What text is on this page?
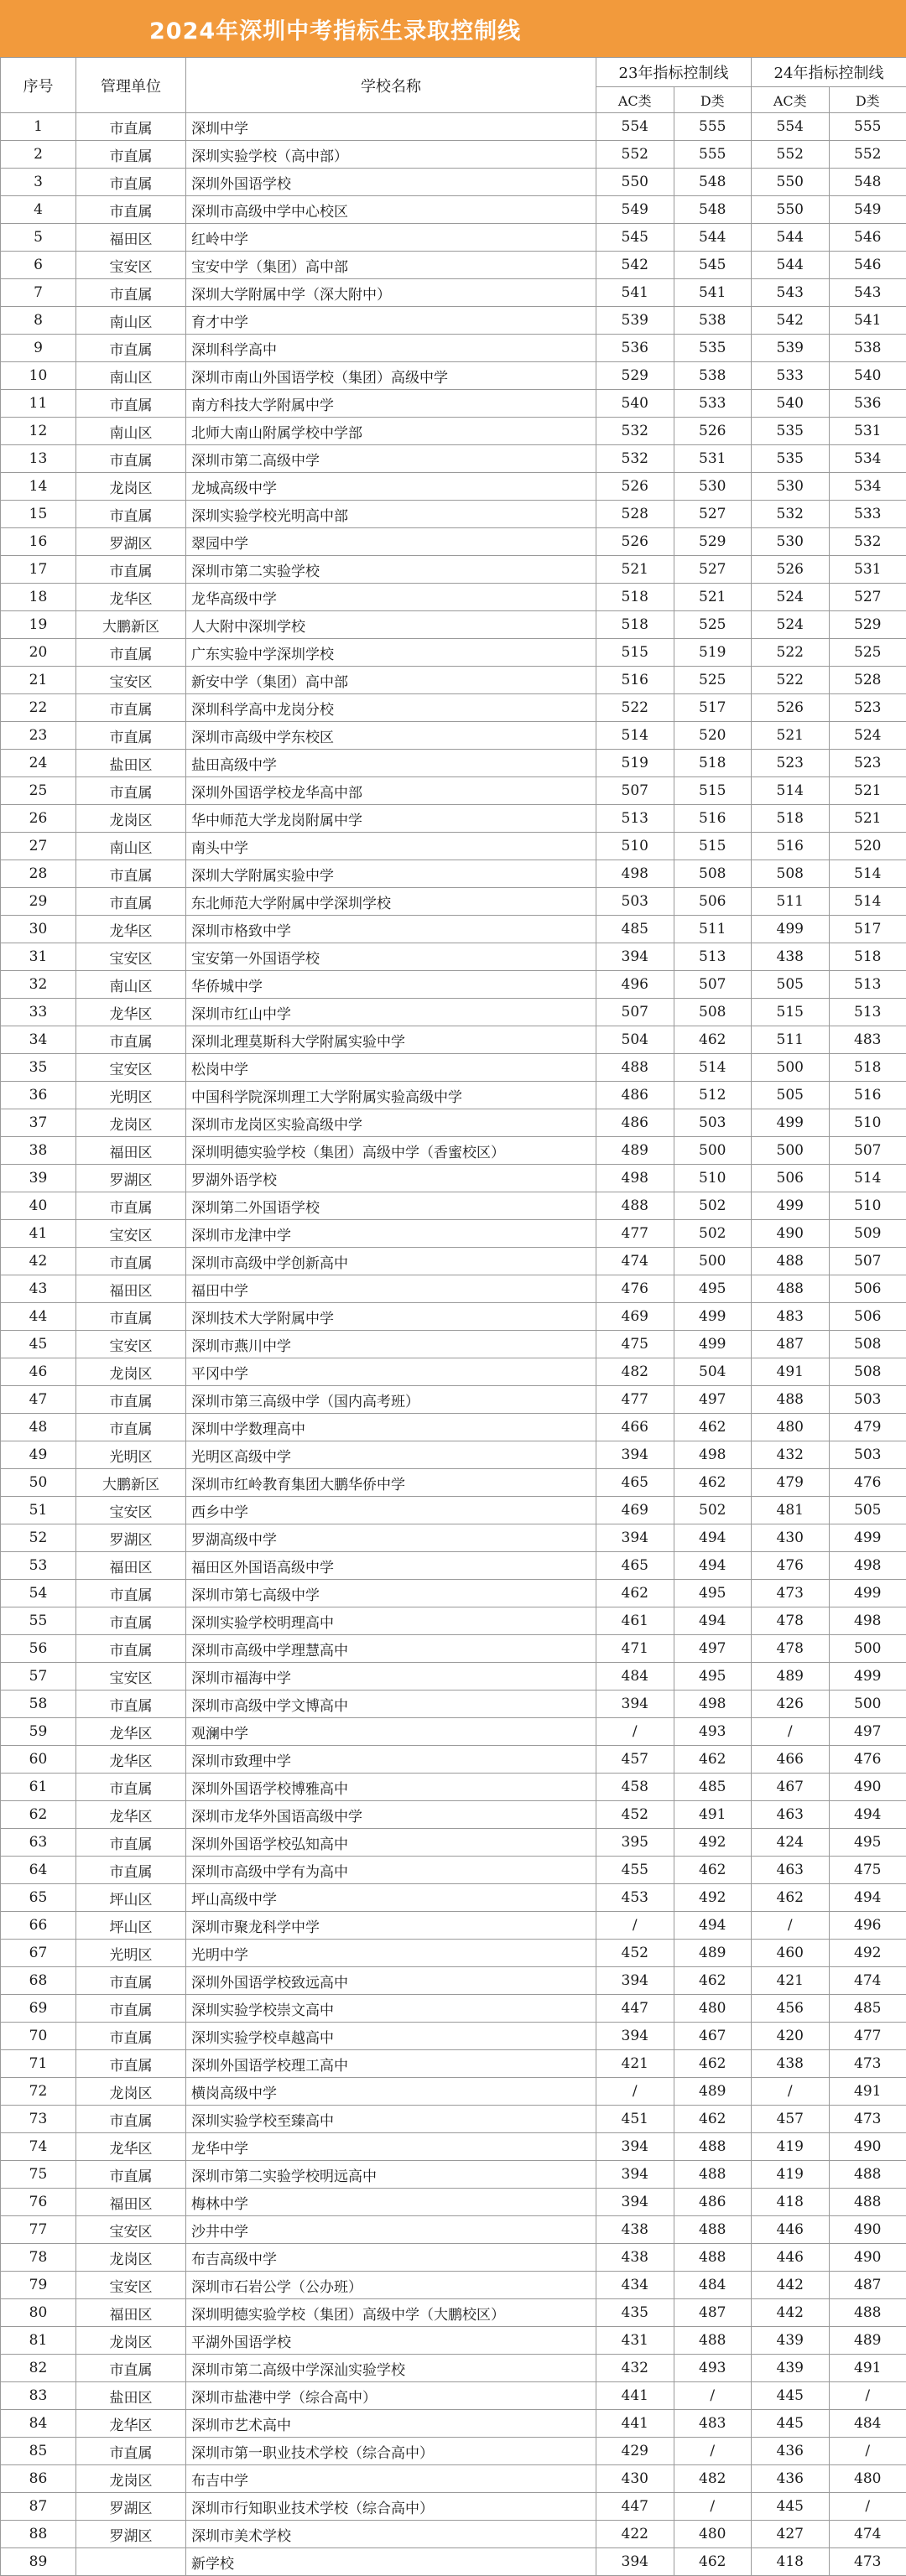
2024年深圳中考指标生录取控制线
序号	管理单位	学校名称	23年指标控制线		24年指标控制线	
			AC类	D类	AC类	D类
1	市直属	深圳中学	554	555	554	555
2	市直属	深圳实验学校（高中部）	552	555	552	552
3	市直属	深圳外国语学校	550	548	550	548
4	市直属	深圳市高级中学中心校区	549	548	550	549
5	福田区	红岭中学	545	544	544	546
6	宝安区	宝安中学（集团）高中部	542	545	544	546
7	市直属	深圳大学附属中学（深大附中）	541	541	543	543
8	南山区	育才中学	539	538	542	541
9	市直属	深圳科学高中	536	535	539	538
10	南山区	深圳市南山外国语学校（集团）高级中学	529	538	533	540
11	市直属	南方科技大学附属中学	540	533	540	536
12	南山区	北师大南山附属学校中学部	532	526	535	531
13	市直属	深圳市第二高级中学	532	531	535	534
14	龙岗区	龙城高级中学	526	530	530	534
15	市直属	深圳实验学校光明高中部	528	527	532	533
16	罗湖区	翠园中学	526	529	530	532
17	市直属	深圳市第二实验学校	521	527	526	531
18	龙华区	龙华高级中学	518	521	524	527
19	大鹏新区	人大附中深圳学校	518	525	524	529
20	市直属	广东实验中学深圳学校	515	519	522	525
21	宝安区	新安中学（集团）高中部	516	525	522	528
22	市直属	深圳科学高中龙岗分校	522	517	526	523
23	市直属	深圳市高级中学东校区	514	520	521	524
24	盐田区	盐田高级中学	519	518	523	523
25	市直属	深圳外国语学校龙华高中部	507	515	514	521
26	龙岗区	华中师范大学龙岗附属中学	513	516	518	521
27	南山区	南头中学	510	515	516	520
28	市直属	深圳大学附属实验中学	498	508	508	514
29	市直属	东北师范大学附属中学深圳学校	503	506	511	514
30	龙华区	深圳市格致中学	485	511	499	517
31	宝安区	宝安第一外国语学校	394	513	438	518
32	南山区	华侨城中学	496	507	505	513
33	龙华区	深圳市红山中学	507	508	515	513
34	市直属	深圳北理莫斯科大学附属实验中学	504	462	511	483
35	宝安区	松岗中学	488	514	500	518
36	光明区	中国科学院深圳理工大学附属实验高级中学	486	512	505	516
37	龙岗区	深圳市龙岗区实验高级中学	486	503	499	510
38	福田区	深圳明德实验学校（集团）高级中学（香蜜校区）	489	500	500	507
39	罗湖区	罗湖外语学校	498	510	506	514
40	市直属	深圳第二外国语学校	488	502	499	510
41	宝安区	深圳市龙津中学	477	502	490	509
42	市直属	深圳市高级中学创新高中	474	500	488	507
43	福田区	福田中学	476	495	488	506
44	市直属	深圳技术大学附属中学	469	499	483	506
45	宝安区	深圳市燕川中学	475	499	487	508
46	龙岗区	平冈中学	482	504	491	508
47	市直属	深圳市第三高级中学（国内高考班）	477	497	488	503
48	市直属	深圳中学数理高中	466	462	480	479
49	光明区	光明区高级中学	394	498	432	503
50	大鹏新区	深圳市红岭教育集团大鹏华侨中学	465	462	479	476
51	宝安区	西乡中学	469	502	481	505
52	罗湖区	罗湖高级中学	394	494	430	499
53	福田区	福田区外国语高级中学	465	494	476	498
54	市直属	深圳市第七高级中学	462	495	473	499
55	市直属	深圳实验学校明理高中	461	494	478	498
56	市直属	深圳市高级中学理慧高中	471	497	478	500
57	宝安区	深圳市福海中学	484	495	489	499
58	市直属	深圳市高级中学文博高中	394	498	426	500
59	龙华区	观澜中学	/	493	/	497
60	龙华区	深圳市致理中学	457	462	466	476
61	市直属	深圳外国语学校博雅高中	458	485	467	490
62	龙华区	深圳市龙华外国语高级中学	452	491	463	494
63	市直属	深圳外国语学校弘知高中	395	492	424	495
64	市直属	深圳市高级中学有为高中	455	462	463	475
65	坪山区	坪山高级中学	453	492	462	494
66	坪山区	深圳市聚龙科学中学	/	494	/	496
67	光明区	光明中学	452	489	460	492
68	市直属	深圳外国语学校致远高中	394	462	421	474
69	市直属	深圳实验学校崇文高中	447	480	456	485
70	市直属	深圳实验学校卓越高中	394	467	420	477
71	市直属	深圳外国语学校理工高中	421	462	438	473
72	龙岗区	横岗高级中学	/	489	/	491
73	市直属	深圳实验学校至臻高中	451	462	457	473
74	龙华区	龙华中学	394	488	419	490
75	市直属	深圳市第二实验学校明远高中	394	488	419	488
76	福田区	梅林中学	394	486	418	488
77	宝安区	沙井中学	438	488	446	490
78	龙岗区	布吉高级中学	438	488	446	490
79	宝安区	深圳市石岩公学（公办班）	434	484	442	487
80	福田区	深圳明德实验学校（集团）高级中学（大鹏校区）	435	487	442	488
81	龙岗区	平湖外国语学校	431	488	439	489
82	市直属	深圳市第二高级中学深汕实验学校	432	493	439	491
83	盐田区	深圳市盐港中学（综合高中）	441	/	445	/
84	龙华区	深圳市艺术高中	441	483	445	484
85	市直属	深圳市第一职业技术学校（综合高中）	429	/	436	/
86	龙岗区	布吉中学	430	482	436	480
87	罗湖区	深圳市行知职业技术学校（综合高中）	447	/	445	/
88	罗湖区	深圳市美术学校	422	480	427	474
89		新学校	394	462	418	473
